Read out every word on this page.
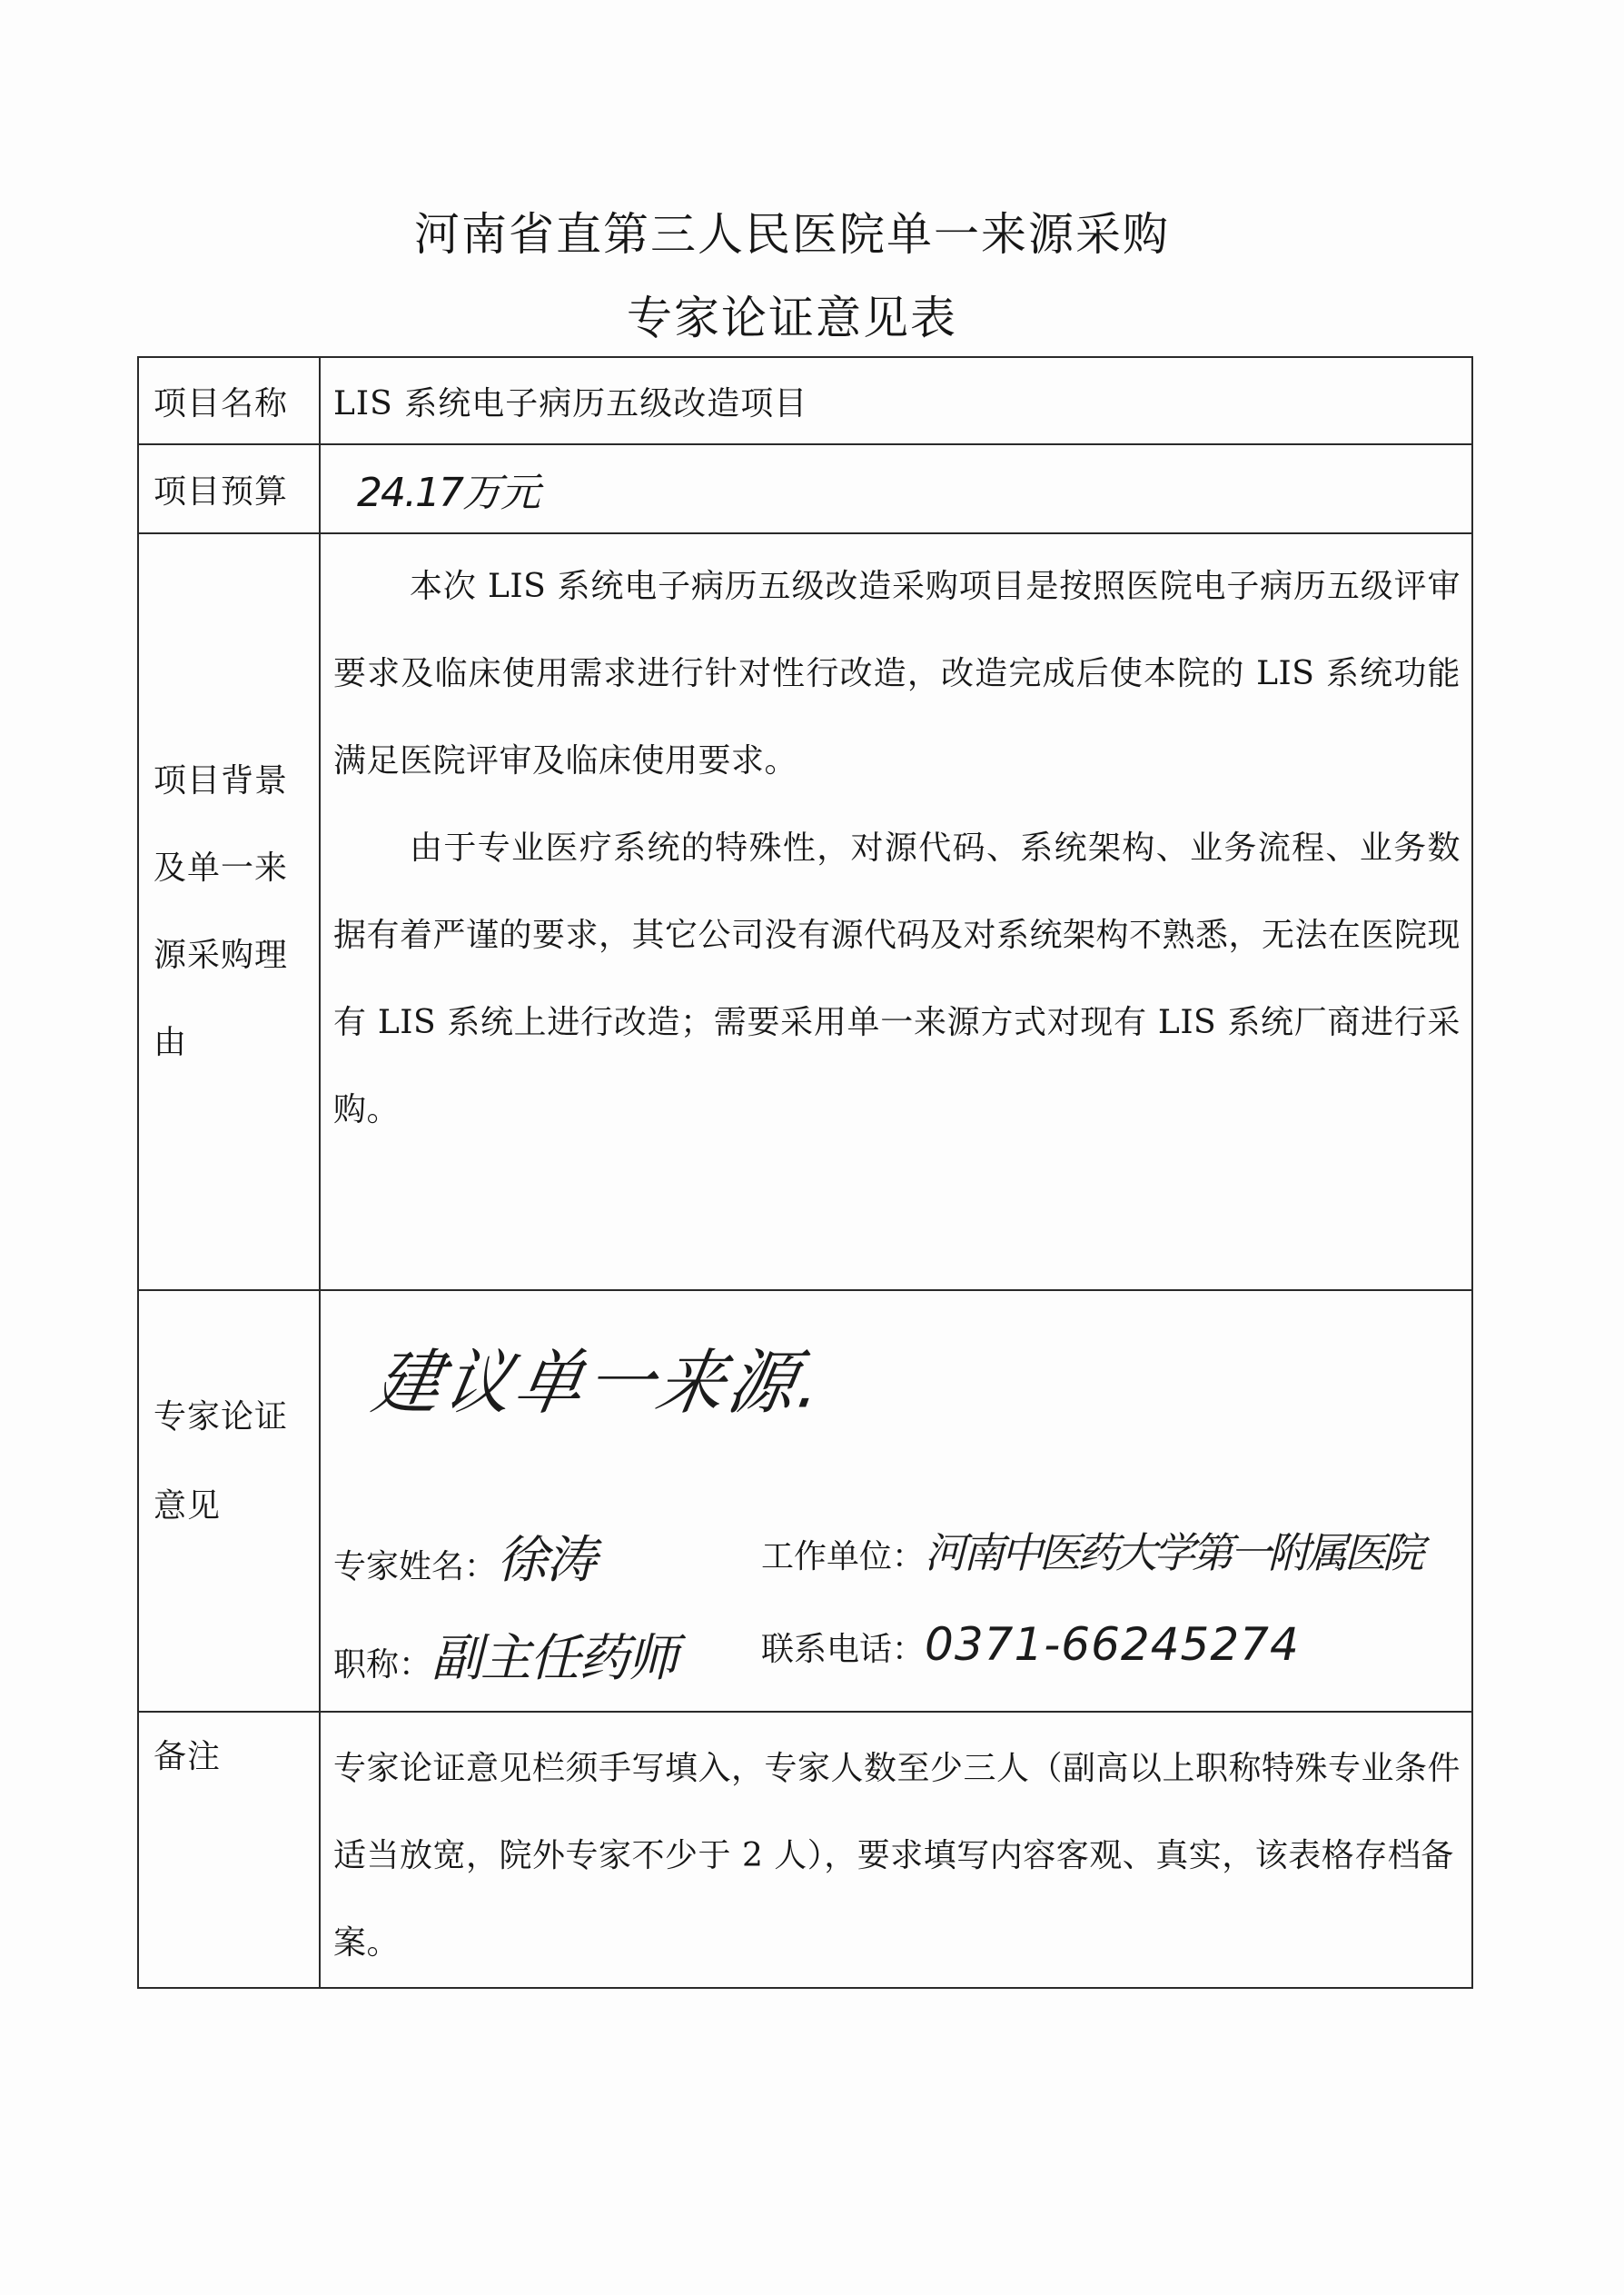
河南省直第三人民医院单一来源采购
专家论证意见表
项目名称	LIS 系统电子病历五级改造项目
项目预算	24.17万元
项目背景及单一来源采购理由	本次 LIS 系统电子病历五级改造采购项目是按照医院电子病历五级评审要求及临床使用需求进行针对性行改造，改造完成后使本院的 LIS 系统功能满足医院评审及临床使用要求。

由于专业医疗系统的特殊性，对源代码、系统架构、业务流程、业务数据有着严谨的要求，其它公司没有源代码及对系统架构不熟悉，无法在医院现有 LIS 系统上进行改造；需要采用单一来源方式对现有 LIS 系统厂商进行采购。

专家论证意见	建议单一来源.
专家姓名：徐涛 工作单位：河南中医药大学第一附属医院
职称：副主任药师 联系电话：0371-66245274

备注	专家论证意见栏须手写填入，专家人数至少三人（副高以上职称特殊专业条件适当放宽，院外专家不少于 2 人），要求填写内容客观、真实，该表格存档备案。
